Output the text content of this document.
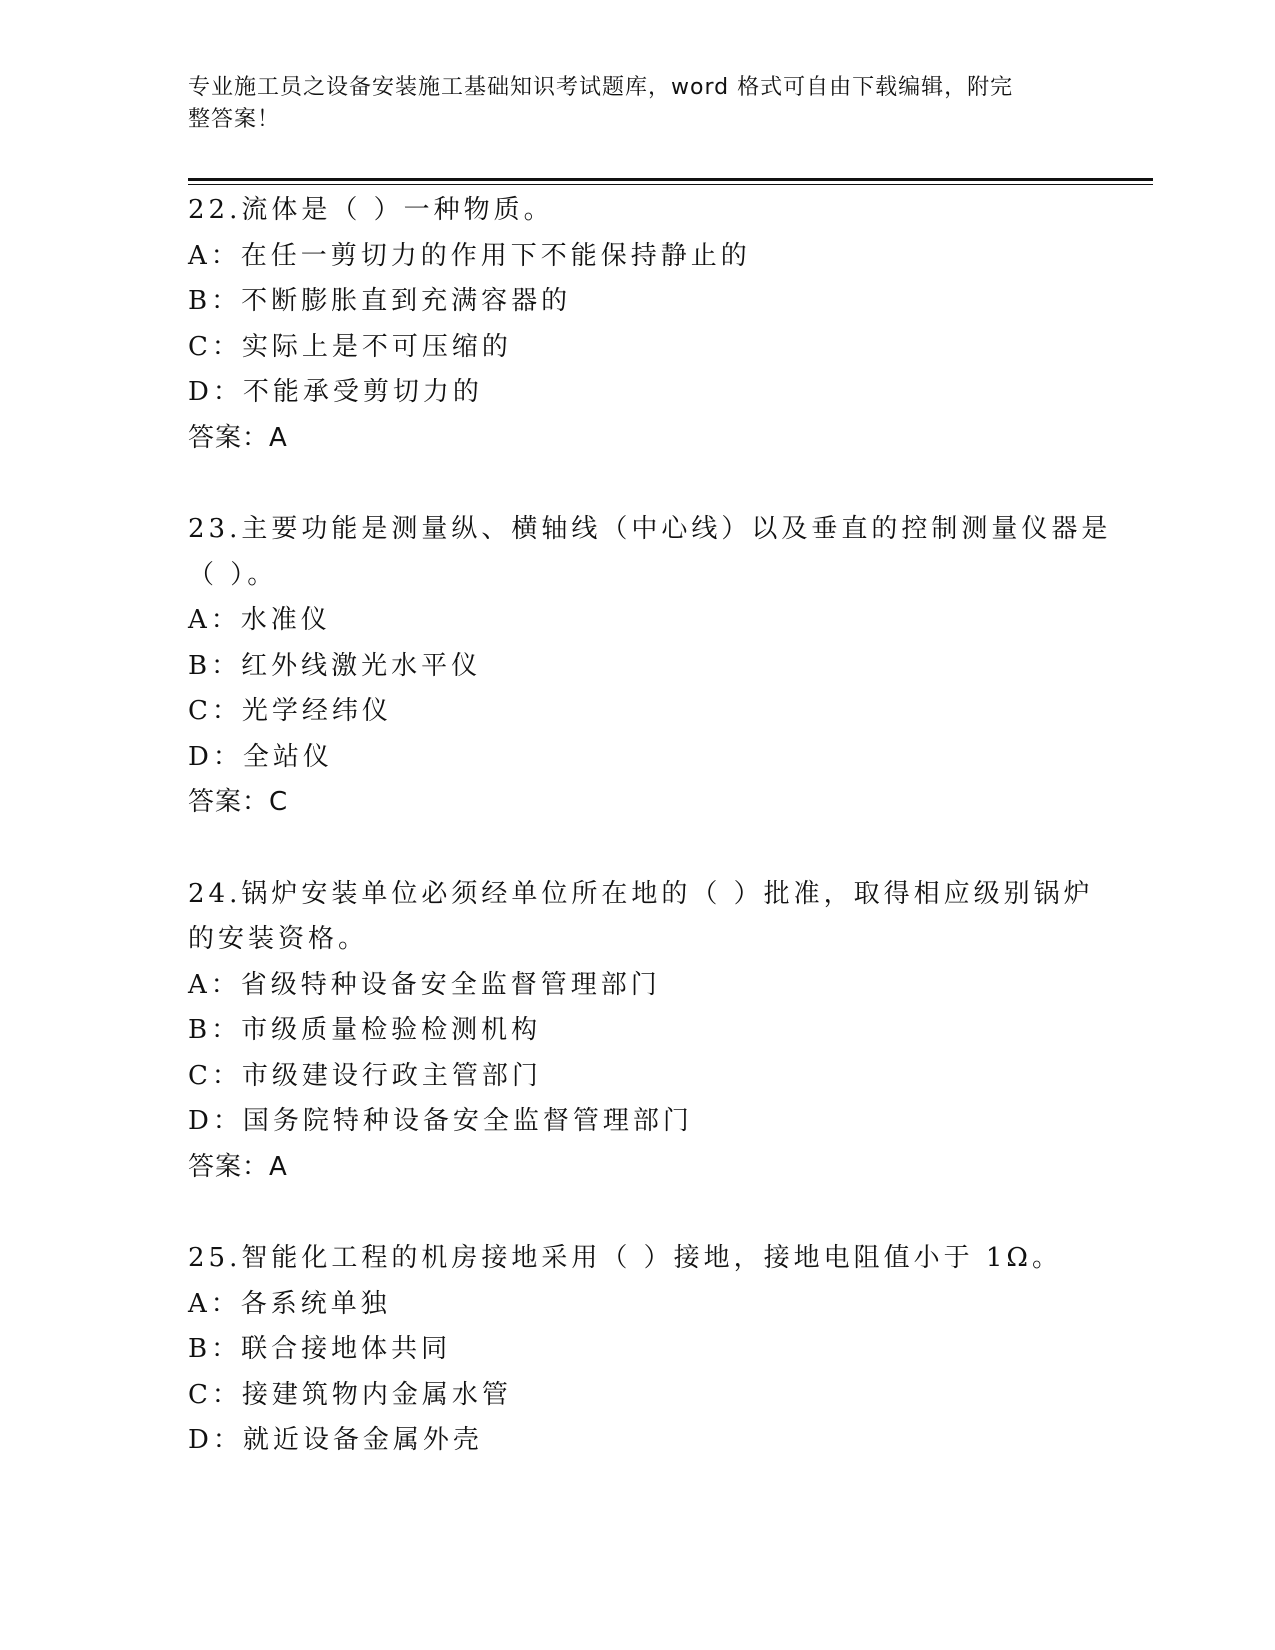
专业施工员之设备安装施工基础知识考试题库，word 格式可自由下载编辑，附完
整答案！
22.流体是（ ）一种物质。
A：在任一剪切力的作用下不能保持静止的
B：不断膨胀直到充满容器的
C：实际上是不可压缩的
D：不能承受剪切力的
答案：A
23.主要功能是测量纵、横轴线（中心线）以及垂直的控制测量仪器是
（ ）。
A：水准仪
B：红外线激光水平仪
C：光学经纬仪
D：全站仪
答案：C
24.锅炉安装单位必须经单位所在地的（ ）批准，取得相应级别锅炉
的安装资格。
A：省级特种设备安全监督管理部门
B：市级质量检验检测机构
C：市级建设行政主管部门
D：国务院特种设备安全监督管理部门
答案：A
25.智能化工程的机房接地采用（ ）接地，接地电阻值小于 1Ω。
A：各系统单独
B：联合接地体共同
C：接建筑物内金属水管
D：就近设备金属外壳
